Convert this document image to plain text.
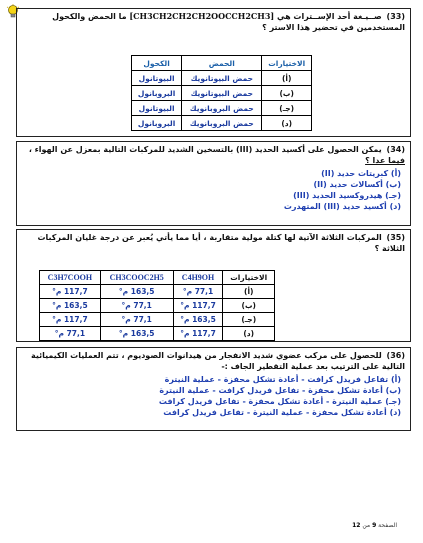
(33) صــيـغة أحد الإســترات هي [CH3CH2CH2CH2OOCCH2CH3] ما الحمض والكحول المستخدمين في تحضير هذا الاستر ؟
الاختيارات	الحمض	الكحول
(أ)	حمض البيوتانويك	البيوتانول
(ب)	حمض البيوتانويك	البروبانول
(جـ)	حمض البروبانويك	البيوتانول
(د)	حمض البروبانويك	البروبانول
(34) يمكن الحصول على أكسيد الحديد (III) بالتسخين الشديد للمركبات التالية بمعزل عن الهواء ،
فيما عدا ؟
(أ) كبريتات حديد (II)
(ب) أكسالات حديد (II)
(جـ) هيدروكسيد الحديد (III)
(د) أكسيد حديد (III) المتهدرت
(35) المركبات الثلاثة الآتية لها كتلة مولية متقاربة ، أيا مما يأتي يُعبر عن درجة غليان المركبات الثلاثة ؟
الاختيارات	C4H9OH	CH3COOC2H5	C3H7COOH
(أ)	77,1 م°	163,5 م°	117,7 م°
(ب)	117,7 م°	77,1 م°	163,5 م°
(جـ)	163,5 م°	77,1 م°	117,7 م°
(د)	117,7 م°	163,5 م°	77,1 م°
(36) للحصول على مركب عضوي شديد الانفجار من هيدانوات الصوديوم ، تتم العمليات الكيميائية التالية على الترتيب بعد عملية التقطير الجاف :-
(أ) تفاعل فريدل كرافت - أعادة تشكل محفزة - عملية النيترة
(ب) أعادة تشكل محفزة - تفاعل فريدل كرافت - عملية النيترة
(جـ) عملية النيترة - أعادة تشكل محفزة - تفاعل فريدل كرافت
(د) أعادة تشكل محفزة - عملية النيترة - تفاعل فريدل كرافت
الصفحة 9 من 12
